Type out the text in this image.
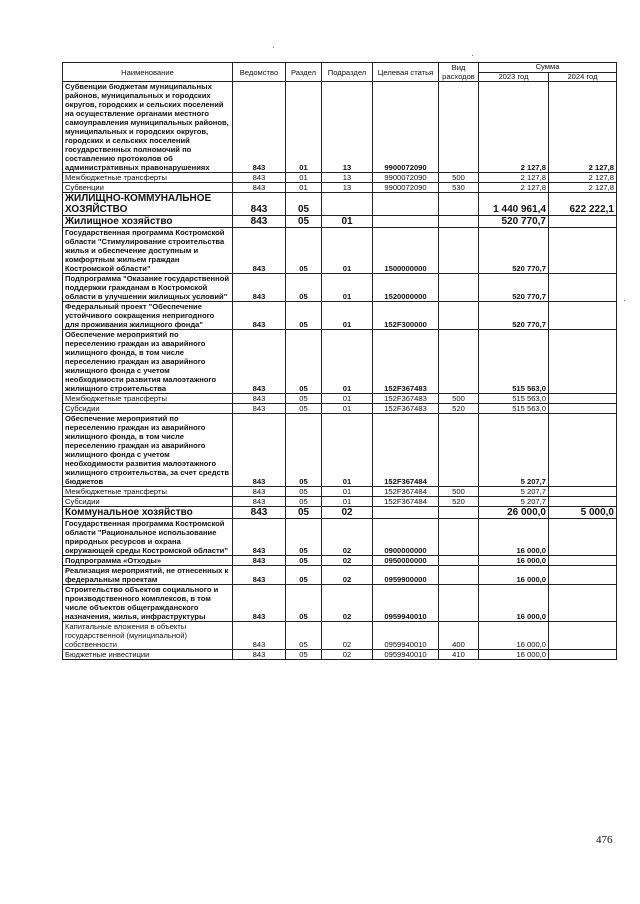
Наименование	Ведомство	Раздел	Подраздел	Целевая статья	Вид расходов	Сумма	
						2023 год	2024 год
Субвенции бюджетам муниципальных районов, муниципальных и городских округов, городских и сельских поселений на осуществление органами местного самоуправления муниципальных районов, муниципальных и городских округов, городских и сельских поселений государственных полномочий по составлению протоколов об административных правонарушениях	843	01	13	9900072090		2 127,8	2 127,8
Межбюджетные трансферты	843	01	13	9900072090	500	2 127,8	2 127,8
Субвенции	843	01	13	9900072090	530	2 127,8	2 127,8
ЖИЛИЩНО-КОММУНАЛЬНОЕ ХОЗЯЙСТВО	843	05				1 440 961,4	622 222,1
Жилищное хозяйство	843	05	01			520 770,7	
Государственная программа Костромской области "Стимулирование строительства жилья и обеспечение доступным и комфортным жильем граждан Костромской области"	843	05	01	1500000000		520 770,7	
Подпрограмма "Оказание государственной поддержки гражданам в Костромской области в улучшении жилищных условий"	843	05	01	1520000000		520 770,7	
Федеральный проект "Обеспечение устойчивого сокращения непригодного для проживания жилищного фонда"	843	05	01	152F300000		520 770,7	
Обеспечение мероприятий по переселению граждан из аварийного жилищного фонда, в том числе переселению граждан из аварийного жилищного фонда с учетом необходимости развития малоэтажного жилищного строительства	843	05	01	152F367483		515 563,0	
Межбюджетные трансферты	843	05	01	152F367483	500	515 563,0	
Субсидии	843	05	01	152F367483	520	515 563,0	
Обеспечение мероприятий по переселению граждан из аварийного жилищного фонда, в том числе переселению граждан из аварийного жилищного фонда с учетом необходимости развития малоэтажного жилищного строительства, за счет средств бюджетов	843	05	01	152F367484		5 207,7	
Межбюджетные трансферты	843	05	01	152F367484	500	5 207,7	
Субсидии	843	05	01	152F367484	520	5 207,7	
Коммунальное хозяйство	843	05	02			26 000,0	5 000,0
Государственная программа Костромской области "Рациональное использование природных ресурсов и охрана окружающей среды Костромской области"	843	05	02	0900000000		16 000,0	
Подпрограмма «Отходы»	843	05	02	0950000000		16 000,0	
Реализация мероприятий, не отнесенных к федеральным проектам	843	05	02	0959900000		16 000,0	
Строительство объектов социального и производственного комплексов, в том числе объектов общегражданского назначения, жилья, инфраструктуры	843	05	02	0959940010		16 000,0	
Капитальные вложения в объекты государственной (муниципальной) собственности	843	05	02	0959940010	400	16 000,0	
Бюджетные инвестиции	843	05	02	0959940010	410	16 000,0	
476
